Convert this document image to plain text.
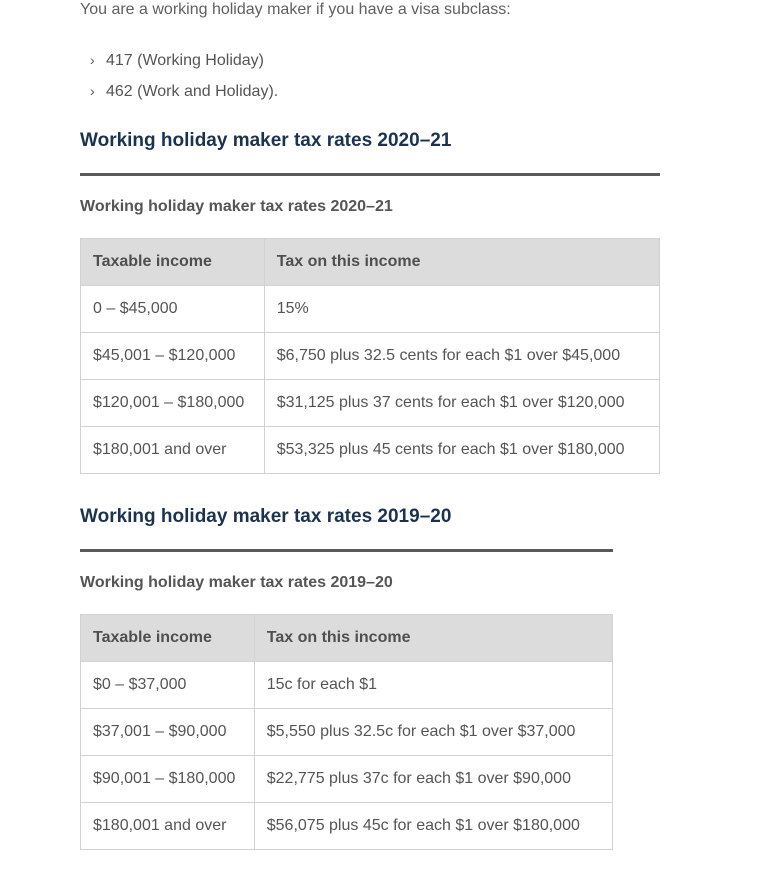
You are a working holiday maker if you have a visa subclass:

› 417 (Working Holiday)
› 462 (Work and Holiday).
Working holiday maker tax rates 2020–21
Working holiday maker tax rates 2020–21
Taxable income	Tax on this income
0 – $45,000	15%
$45,001 – $120,000	$6,750 plus 32.5 cents for each $1 over $45,000
$120,001 – $180,000	$31,125 plus 37 cents for each $1 over $120,000
$180,001 and over	$53,325 plus 45 cents for each $1 over $180,000
Working holiday maker tax rates 2019–20
Working holiday maker tax rates 2019–20
Taxable income	Tax on this income
$0 – $37,000	15c for each $1
$37,001 – $90,000	$5,550 plus 32.5c for each $1 over $37,000
$90,001 – $180,000	$22,775 plus 37c for each $1 over $90,000
$180,001 and over	$56,075 plus 45c for each $1 over $180,000
